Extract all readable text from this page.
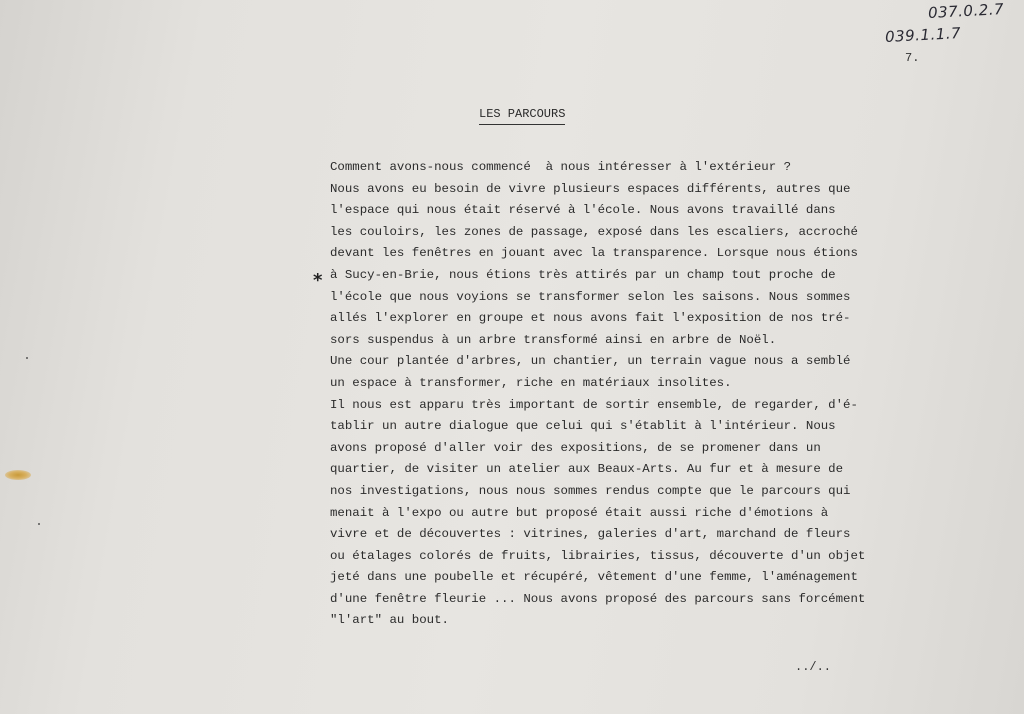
037.0.2.7
039.1.1.7
7.
LES PARCOURS
*
Comment avons-nous commencé  à nous intéresser à l'extérieur ?
Nous avons eu besoin de vivre plusieurs espaces différents, autres que
l'espace qui nous était réservé à l'école. Nous avons travaillé dans
les couloirs, les zones de passage, exposé dans les escaliers, accroché
devant les fenêtres en jouant avec la transparence. Lorsque nous étions
à Sucy-en-Brie, nous étions très attirés par un champ tout proche de
l'école que nous voyions se transformer selon les saisons. Nous sommes
allés l'explorer en groupe et nous avons fait l'exposition de nos tré-
sors suspendus à un arbre transformé ainsi en arbre de Noël.
Une cour plantée d'arbres, un chantier, un terrain vague nous a semblé
un espace à transformer, riche en matériaux insolites.
Il nous est apparu très important de sortir ensemble, de regarder, d'é-
tablir un autre dialogue que celui qui s'établit à l'intérieur. Nous
avons proposé d'aller voir des expositions, de se promener dans un
quartier, de visiter un atelier aux Beaux-Arts. Au fur et à mesure de
nos investigations, nous nous sommes rendus compte que le parcours qui
menait à l'expo ou autre but proposé était aussi riche d'émotions à
vivre et de découvertes : vitrines, galeries d'art, marchand de fleurs
ou étalages colorés de fruits, librairies, tissus, découverte d'un objet
jeté dans une poubelle et récupéré, vêtement d'une femme, l'aménagement
d'une fenêtre fleurie ... Nous avons proposé des parcours sans forcément
"l'art" au bout.
../..
